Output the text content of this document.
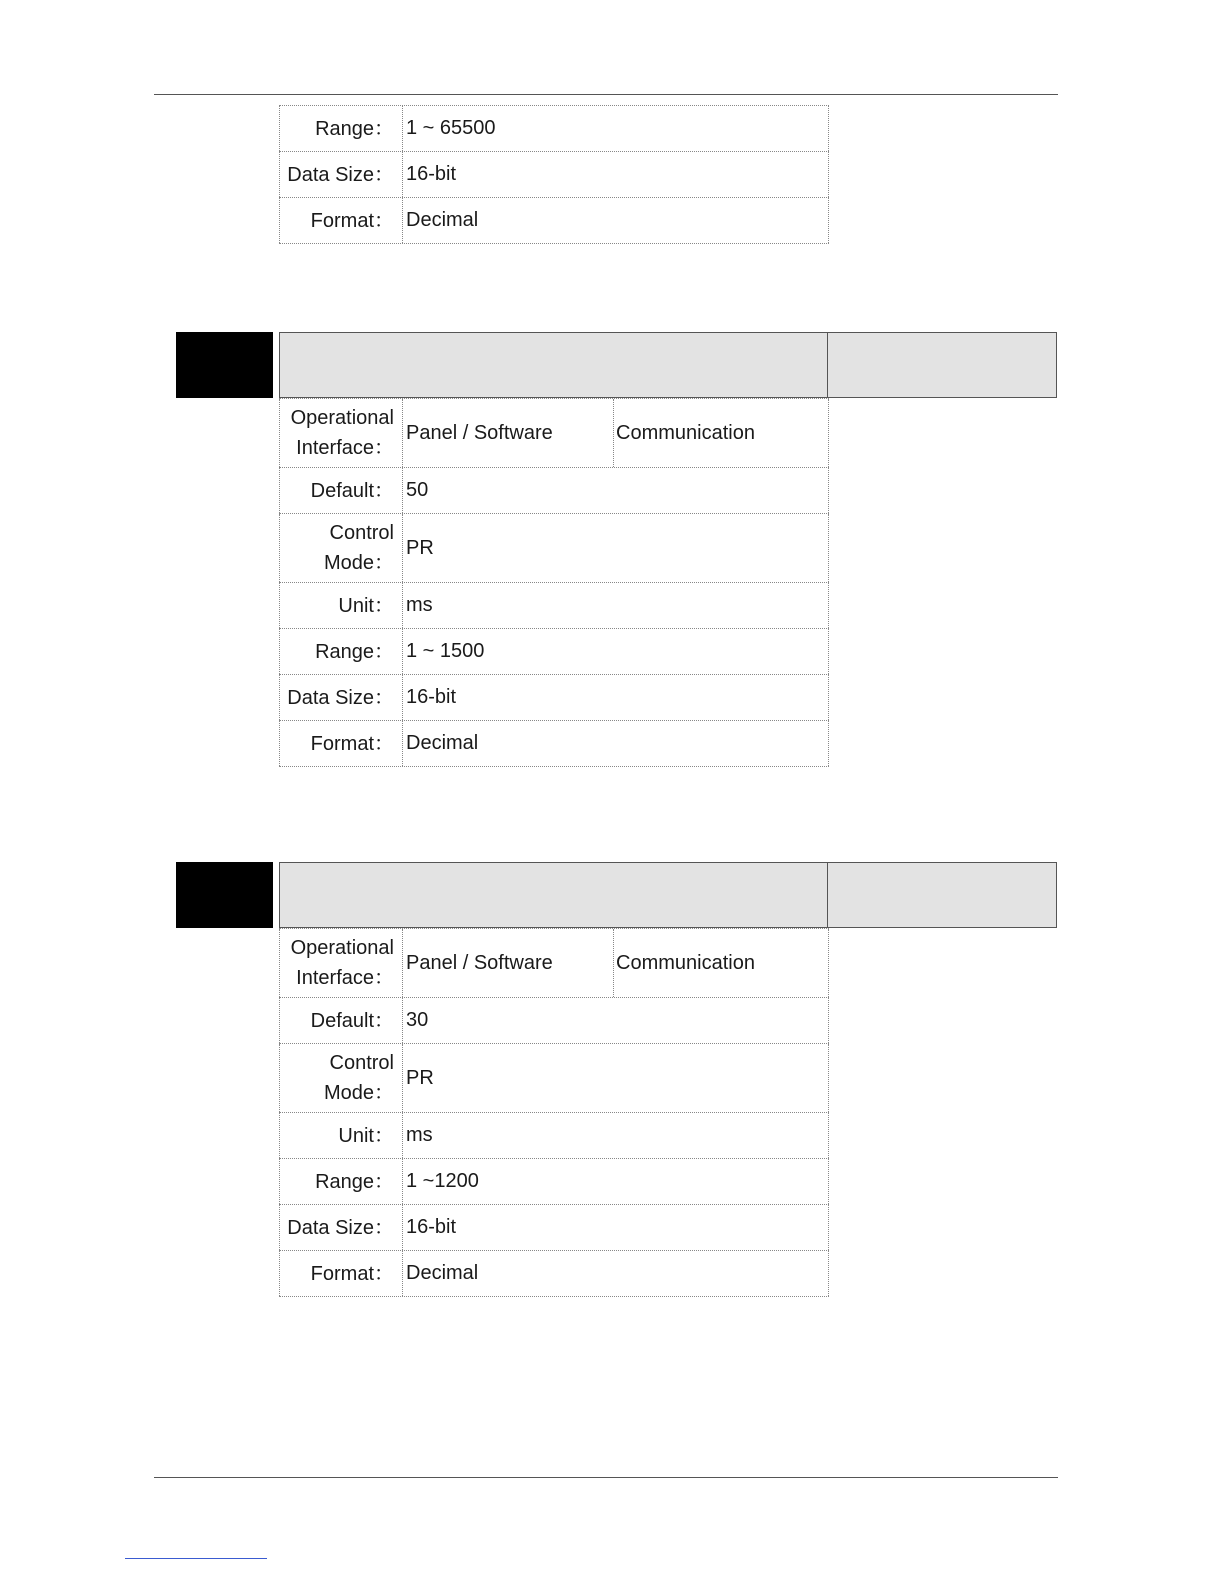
Range： 1 ~ 65500
Data Size： 16-bit
Format： Decimal
Operational
Interface：
Panel / Software	Communication
Default： 50
Control
Mode：
PR
Unit： ms
Range： 1 ~ 1500
Data Size： 16-bit
Format： Decimal
Operational
Interface：
Panel / Software	Communication
Default： 30
Control
Mode：
PR
Unit： ms
Range： 1 ~1200
Data Size： 16-bit
Format： Decimal
